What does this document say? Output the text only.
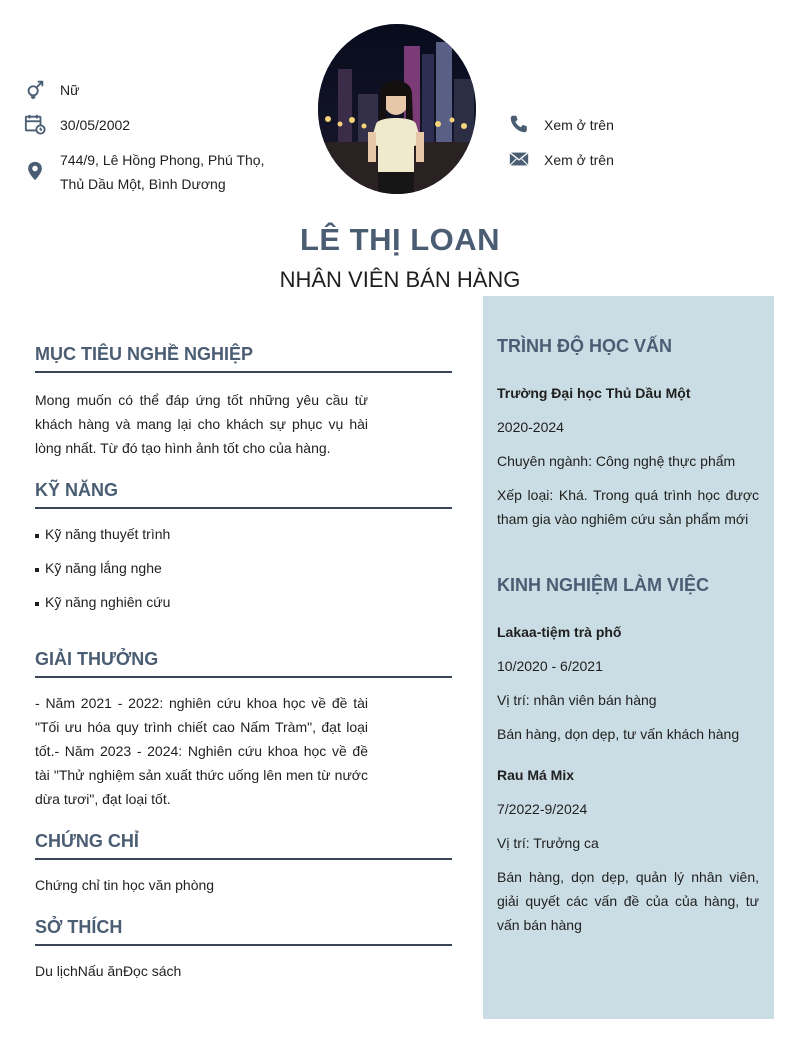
Nữ
30/05/2002
744/9, Lê Hồng Phong, Phú Thọ, Thủ Dầu Một, Bình Dương
Xem ở trên
Xem ở trên
LÊ THỊ LOAN
NHÂN VIÊN BÁN HÀNG
MỤC TIÊU NGHỀ NGHIỆP
Mong muốn có thể đáp ứng tốt những yêu cầu từ khách hàng và mang lại cho khách sự phục vụ hài lòng nhất. Từ đó tạo hình ảnh tốt cho của hàng.
KỸ NĂNG
Kỹ năng thuyết trình
Kỹ năng lắng nghe
Kỹ năng nghiên cứu
GIẢI THƯỞNG
- Năm 2021 - 2022: nghiên cứu khoa học về đề tài "Tối ưu hóa quy trình chiết cao Nấm Tràm", đạt loại tốt.- Năm 2023 - 2024: Nghiên cứu khoa học về đề tài "Thử nghiệm sản xuất thức uống lên men từ nước dừa tươi", đạt loại tốt.
CHỨNG CHỈ
Chứng chỉ tin học văn phòng
SỞ THÍCH
Du lịchNấu ănĐọc sách
TRÌNH ĐỘ HỌC VẤN
Trường Đại học Thủ Dầu Một
2020-2024
Chuyên ngành: Công nghệ thực phẩm
Xếp loại: Khá. Trong quá trình học được tham gia vào nghiêm cứu sản phẩm mới
KINH NGHIỆM LÀM VIỆC
Lakaa-tiệm trà phố
10/2020 - 6/2021
Vị trí: nhân viên bán hàng
Bán hàng, dọn dẹp, tư vấn khách hàng
Rau Má Mix
7/2022-9/2024
Vị trí: Trưởng ca
Bán hàng, dọn dẹp, quản lý nhân viên, giải quyết các vấn đề của của hàng, tư vấn bán hàng
